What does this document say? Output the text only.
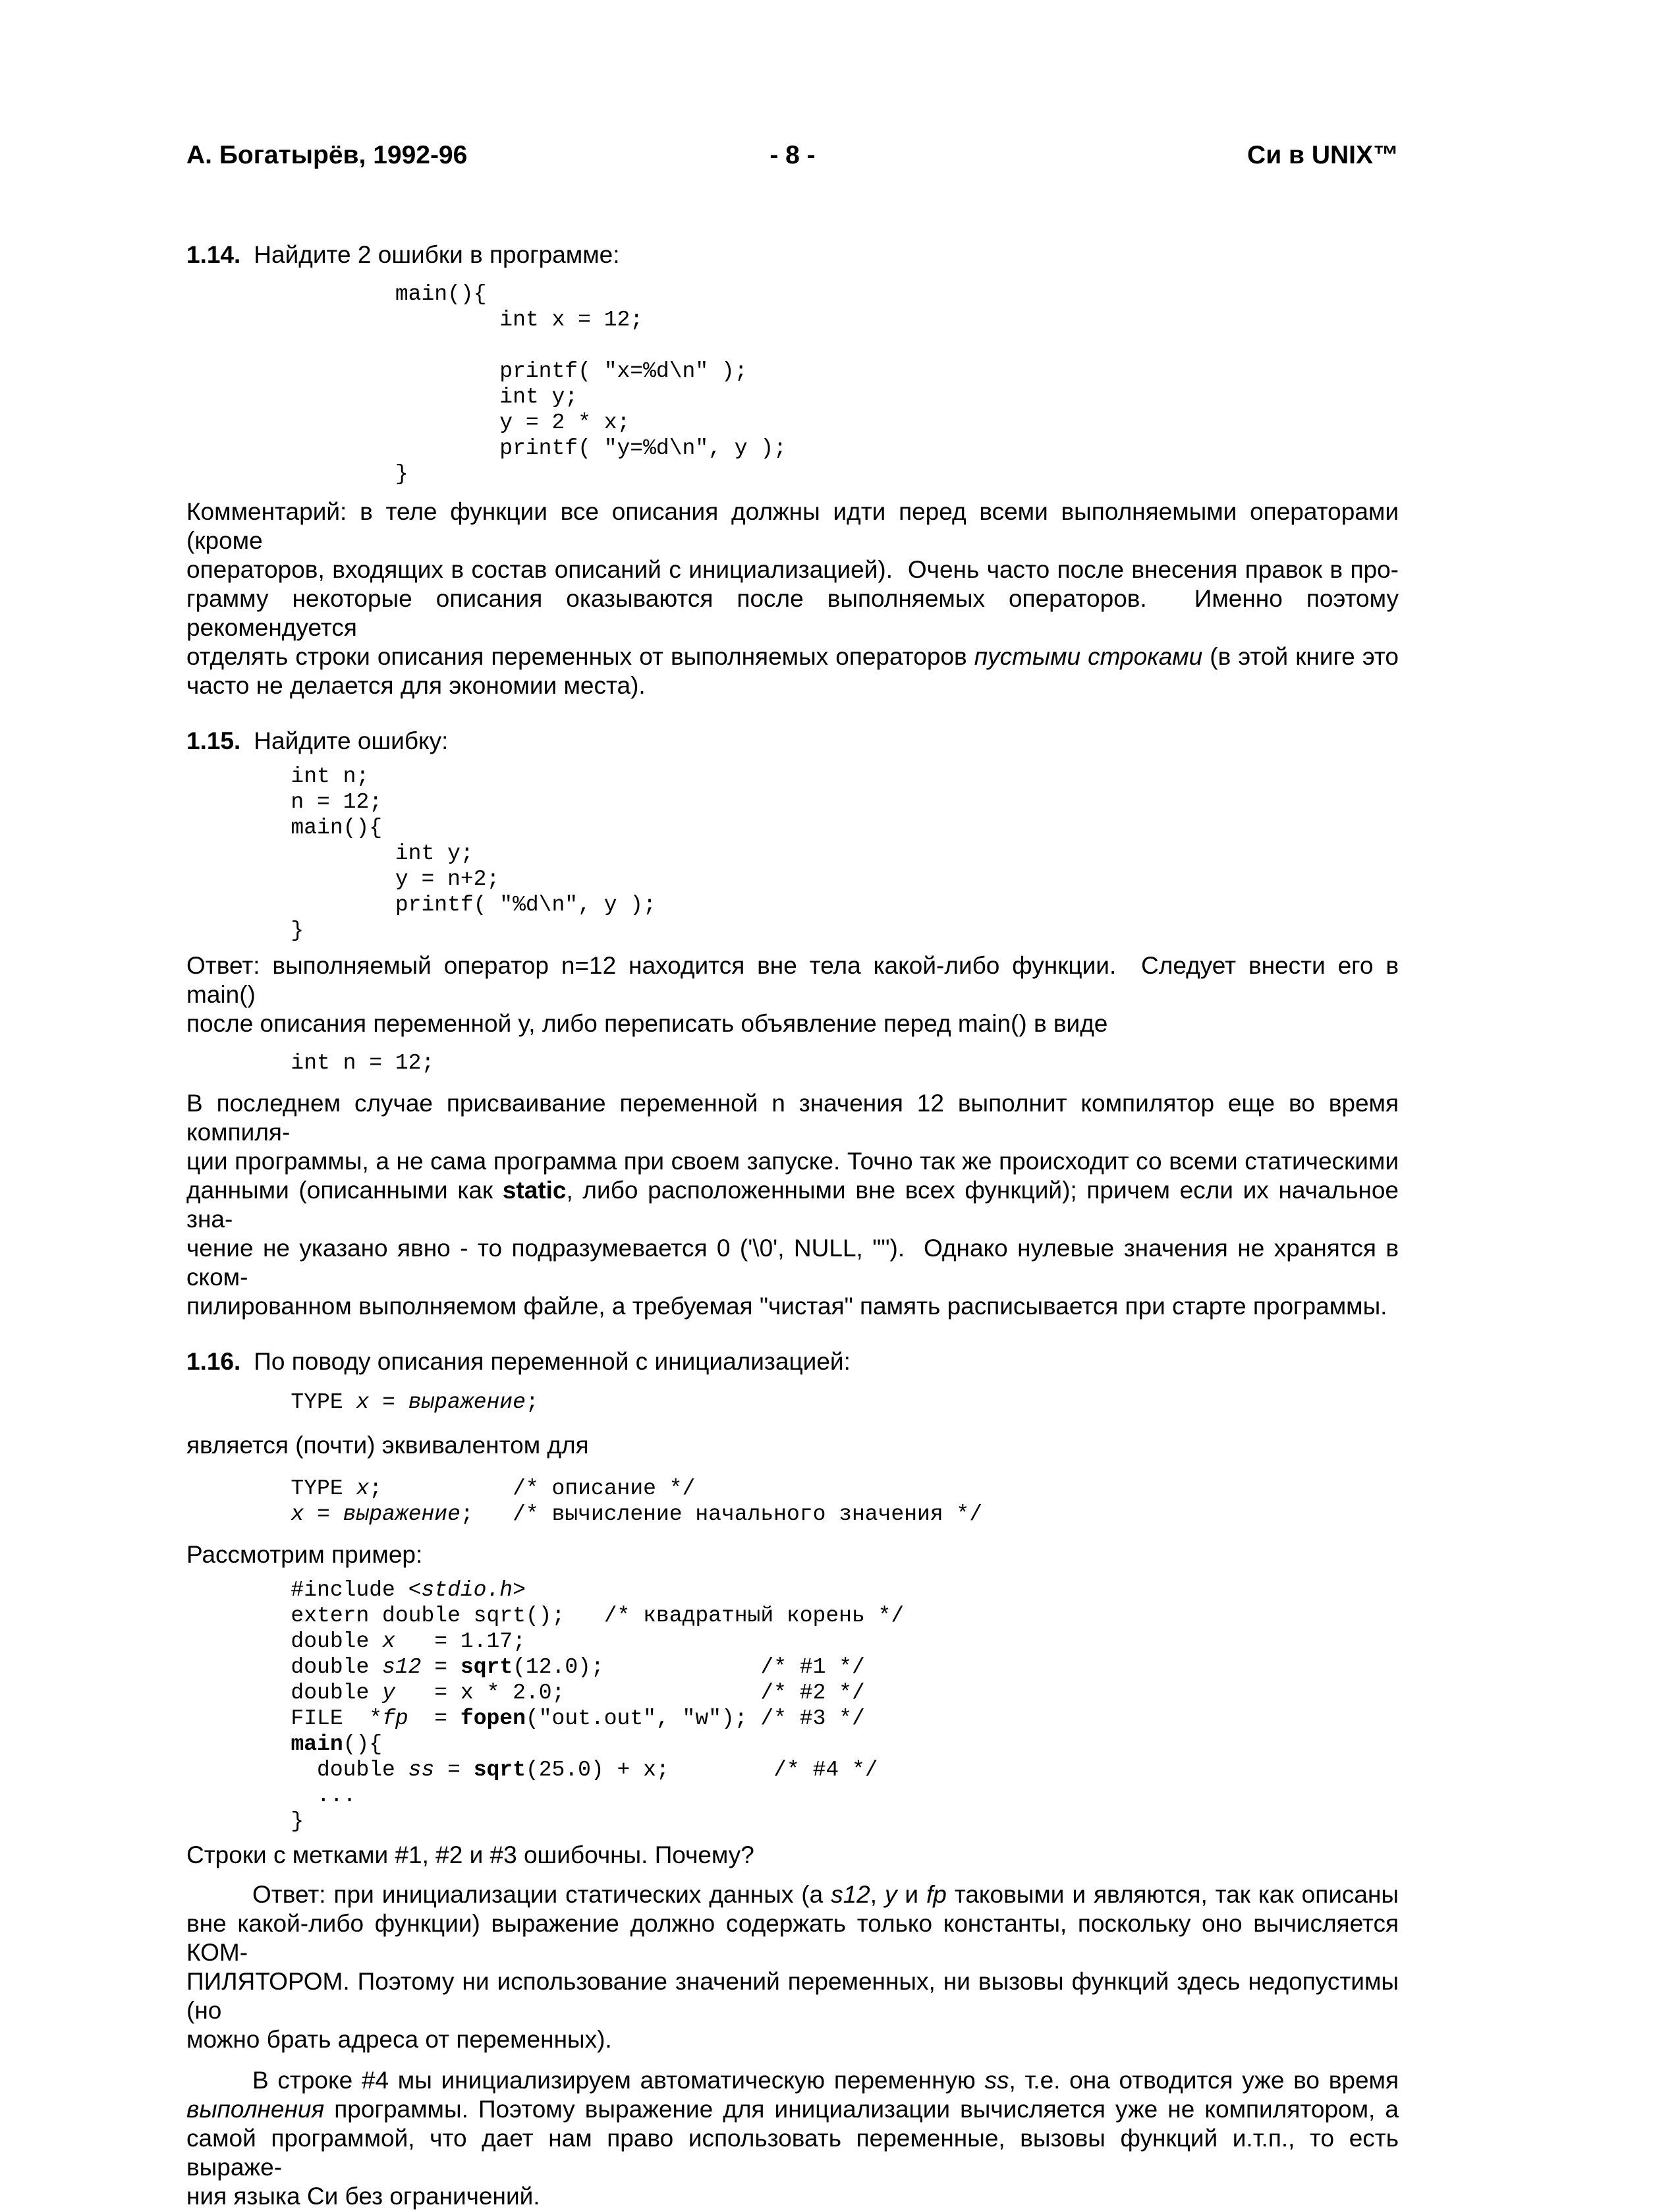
А. Богатырёв, 1992-96	- 8 -	Си в UNIX™

1.14. Найдите 2 ошибки в программе:

main(){
int x = 12;

printf( "x=%d\n" );
int y;
y = 2 * x;
printf( "y=%d\n", y );
}
Комментарий: в теле функции все описания должны идти перед всеми выполняемыми операторами (кроме
операторов, входящих в состав описаний с инициализацией).  Очень часто после внесения правок в про-
грамму некоторые описания оказываются после выполняемых операторов.  Именно поэтому рекомендуется
отделять строки описания переменных от выполняемых операторов пустыми строками (в этой книге это
часто не делается для экономии места).

1.15. Найдите ошибку:

int n;
n = 12;
main(){
int y;
y = n+2;
printf( "%d\n", y );
}
Ответ: выполняемый оператор n=12 находится вне тела какой-либо функции.  Следует внести его в main()
после описания переменной y, либо переписать объявление перед main() в виде
int n = 12;
В последнем случае присваивание переменной n значения 12 выполнит компилятор еще во время компиля-
ции программы, а не сама программа при своем запуске. Точно так же происходит со всеми статическими
данными (описанными как static, либо расположенными вне всех функций); причем если их начальное зна-
чение не указано явно - то подразумевается 0 ('\0', NULL, "").  Однако нулевые значения не хранятся в ском-
пилированном выполняемом файле, а требуемая "чистая" память расписывается при старте программы.

1.16. По поводу описания переменной с инициализацией:

TYPE x = выражение;
является (почти) эквивалентом для
TYPE x;          /* описание */
x = выражение;   /* вычисление начального значения */
Рассмотрим пример:
#include <stdio.h>
extern double sqrt();   /* квадратный корень */
double x   = 1.17;
double s12 = sqrt(12.0);            /* #1 */
double y   = x * 2.0;               /* #2 */
FILE  *fp  = fopen("out.out", "w"); /* #3 */
main(){
double ss = sqrt(25.0) + x;        /* #4 */
...
}
Строки с метками #1, #2 и #3 ошибочны. Почему?
Ответ: при инициализации статических данных (а s12, y и fp таковыми и являются, так как описаны
вне какой-либо функции) выражение должно содержать только константы, поскольку оно вычисляется КОМ-
ПИЛЯТОРОМ. Поэтому ни использование значений переменных, ни вызовы функций здесь недопустимы (но
можно брать адреса от переменных).
В строке #4 мы инициализируем автоматическую переменную ss, т.е. она отводится уже во время
выполнения программы. Поэтому выражение для инициализации вычисляется уже не компилятором, а
самой программой, что дает нам право использовать переменные, вызовы функций и.т.п., то есть выраже-
ния языка Си без ограничений.
